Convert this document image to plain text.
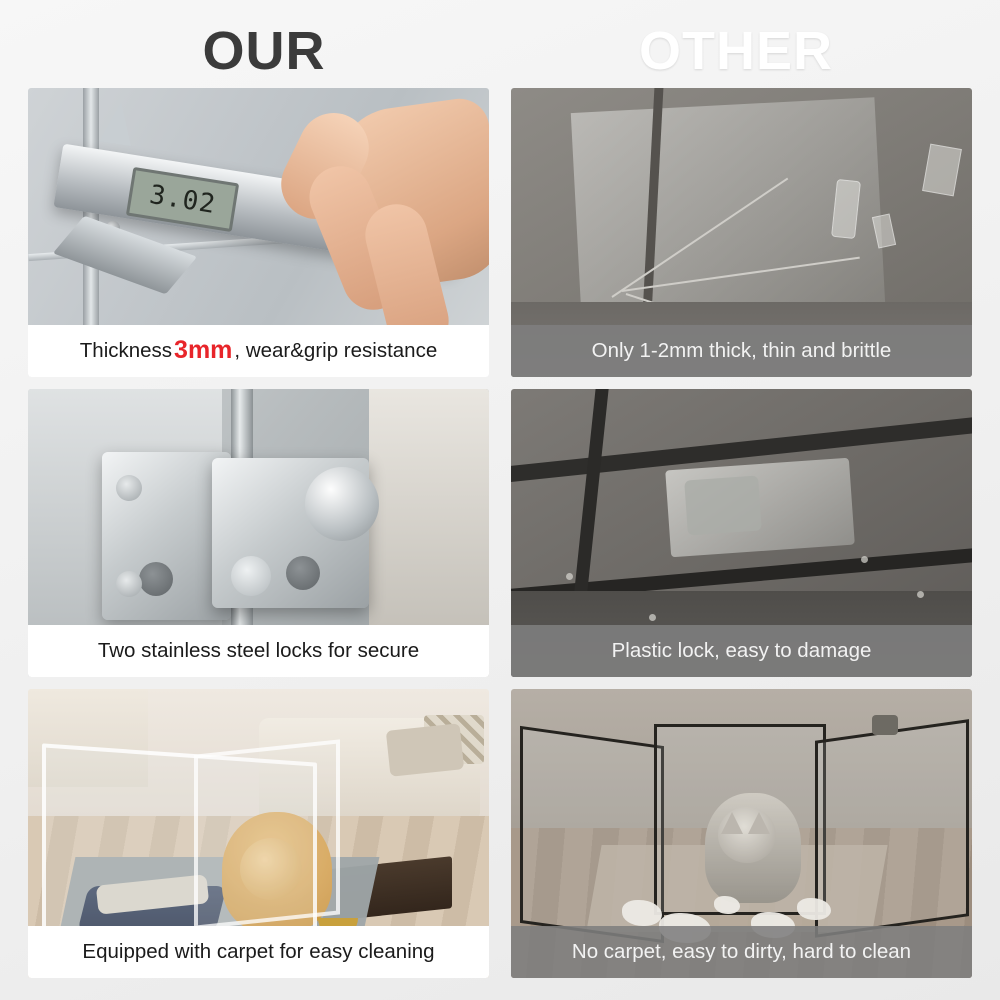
OUR	OTHER
3.02
Thickness 3mm , wear&grip resistance	Only 1-2mm thick, thin and brittle
Two stainless steel locks for secure	Plastic lock, easy to damage
Equipped with carpet for easy cleaning	No carpet, easy to dirty, hard to clean
